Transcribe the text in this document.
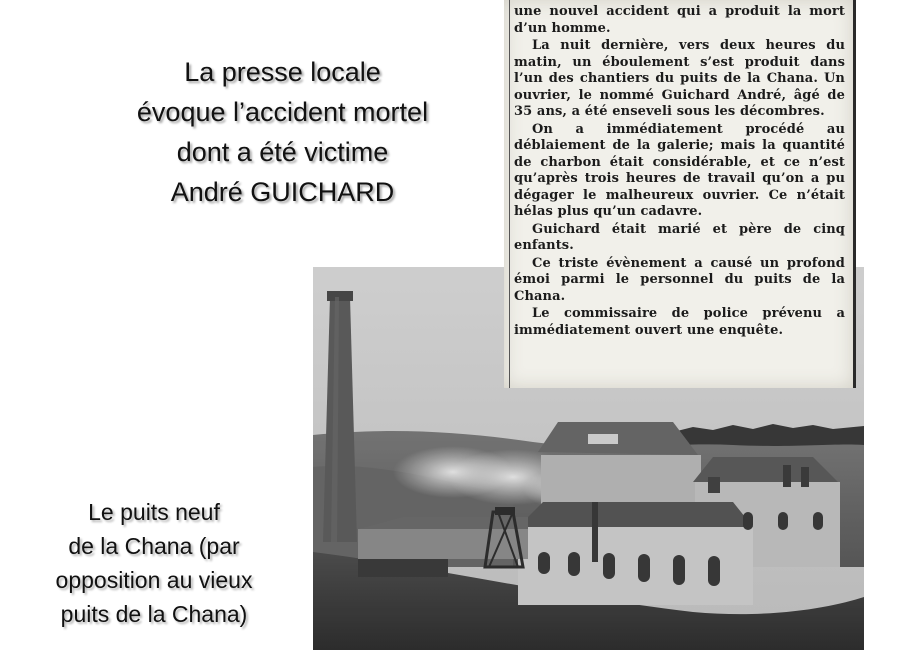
La presse locale
évoque l’accident mortel
dont a été victime
André GUICHARD
une nouvel accident qui a produit la mort d’un homme.
La nuit dernière, vers deux heures du matin, un éboulement s’est produit dans l’un des chantiers du puits de la Chana. Un ouvrier, le nommé Guichard André, âgé de 35 ans, a été enseveli sous les décombres.
On a immédiatement procédé au déblaiement de la galerie; mais la quantité de charbon était considérable, et ce n’est qu’après trois heures de travail qu’on a pu dégager le malheureux ouvrier. Ce n’était hélas plus qu’un cadavre.
Guichard était marié et père de cinq enfants.
Ce triste évènement a causé un profond émoi parmi le personnel du puits de la Chana.
Le commissaire de police prévenu a immédiatement ouvert une enquête.
Le puits neuf
de la Chana (par
opposition au vieux
puits de la Chana)
